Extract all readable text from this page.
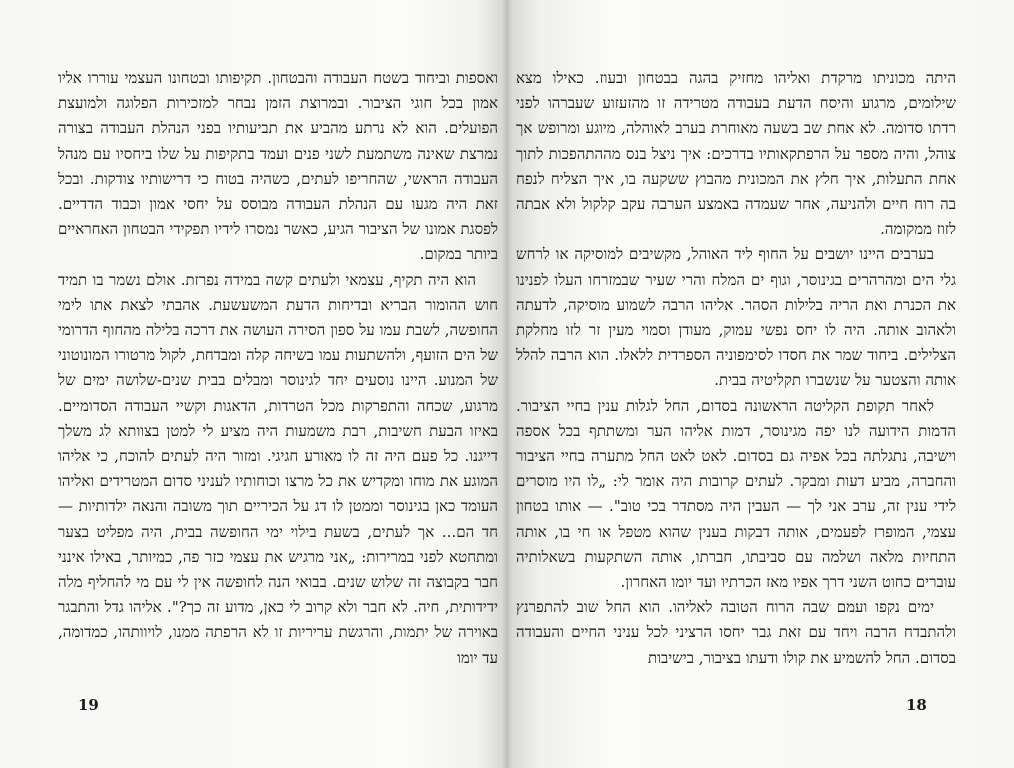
ואספות וביחוד בשטח העבודה והבטחון. תקיפותו ובטחונו העצמי עוררו אליו אמון בכל חוגי הציבור. ובמרוצת הזמן נבחר למזכירות הפלוגה ולמועצת הפועלים. הוא לא נרתע מהביע את תביעותיו בפני הנהלת העבודה בצורה נמרצת שאינה משתמעת לשני פנים ועמד בתקיפות על שלו ביחסיו עם מנהל העבודה הראשי, שהחריפו לעתים, כשהיה בטוח כי דרישותיו צודקות. ובכל זאת היה מגעו עם הנהלת העבודה מבוסס על יחסי אמון וכבוד הדדיים. לפסגת אמונו של הציבור הגיע, כאשר נמסרו לידיו תפקידי הבטחון האחראיים ביותר במקום.

הוא היה תקיף, עצמאי ולעתים קשה במידה נפרזת. אולם נשמר בו תמיד חוש ההומור הבריא ובדיחות הדעת המשעשעת. אהבתי לצאת אתו לימי החופשה, לשבת עמו על ספון הסירה העושה את דרכה בלילה מהחוף הדרומי של הים הזועף, ולהשתעות עמו בשיחה קלה ומבדחת, לקול מרטורו המונוטוני של המנוע. היינו נוסעים יחד לגינוסר ומבלים בבית שנים-שלושה ימים של מרגוע, שכחה והתפרקות מכל הטרדות, הדאגות וקשיי העבודה הסדומיים. באיזו הבעת חשיבות, רבת משמעות היה מציע לי למטן בצוותא לג משלך דייגנו. כל פעם היה זה לו מאורע חגיגי. ומזור היה לעתים להוכח, כי אליהו המוגע את מוחו ומקדיש את כל מרצו וכוחותיו לעניני סדום המטרידים ואליהו העומד כאן בגינוסר וממטן לו דג על הכיריים תוך משובה והנאה ילדותיות — חד הם... אך לעתים, בשעת בילוי ימי החופשה בבית, היה מפליט בצער ומתחטא לפני במרירות: „אני מרגיש את עצמי כזר פה, כמיותר, באילו אינני חבר בקבוצה זה שלוש שנים. בבואי הנה לחופשה אין לי עם מי להחליף מלה ידידותית, חיה. לא חבר ולא קרוב לי כאן, מדוע זה כך?". אליהו גדל והתבגר באוירה של יתמות, והרגשת עריריות זו לא הרפתה ממנו, לויוותהו, כמדומה, עד יומו

19

היתה מכוניתו מרקדת ואליהו מחזיק בהגה בבטחון ובעוז. כאילו מצא שילומים, מרגוע והיסח הדעת בעבודה מטרידה זו מהזעזוע שעברהו לפני רדתו סדומה. לא אחת שב בשעה מאוחרת בערב לאוהלה, מיוגע ומרופש אך צוהל, והיה מספר על הרפתקאותיו בדרכים: איך ניצל בנס מההתהפכות לתוך אחת התעלות, איך חלץ את המכונית מהבוץ ששקעה בו, איך הצליח לנפח בה רוח חיים ולהניעה, אחר שעמדה באמצע הערבה עקב קלקול ולא אבתה לזוז ממקומה.

בערבים היינו יושבים על החוף ליד האוהל, מקשיבים למוסיקה או לרחש גלי הים ומהרהרים בגינוסר, וגוף ים המלח והרי שעיר שבמזרחו העלו לפנינו את הכנרת ואת הריה בלילות הסהר. אליהו הרבה לשמוע מוסיקה, לדעתה ולאהוב אותה. היה לו יחס נפשי עמוק, מעודן וסמוי מעין זר לזו מחלקת הצלילים. ביחוד שמר את חסדו לסימפוניה הספרדית ללאלו. הוא הרבה להלל אותה והצטער על שנשברו תקליטיה בבית.

לאחר תקופת הקליטה הראשונה בסדום, החל לגלות ענין בחיי הציבור. הדמות הידועה לנו יפה מגינוסר, דמות אליהו הער ומשתתף בכל אספה וישיבה, נתגלתה בכל אפיה גם בסדום. לאט לאט החל מתערה בחיי הציבור והחברה, מביע דעות ומבקר. לעתים קרובות היה אומר לי: „לו היו מוסרים לידי ענין זה, ערב אני לך — העבין היה מסתדר בכי טוב". — אותו בטחון עצמי, המופרז לפעמים, אותה דבקות בענין שהוא מטפל או חי בו, אותה התחיות מלאה ושלמה עם סביבתו, חברתו, אותה השתקעות בשאלותיה עוברים כחוט השני דרך אפיו מאז הכרתיו ועד יומו האחרון.

ימים נקפו ועמם שבה הרוח הטובה לאליהו. הוא החל שוב להתפרנץ ולהתבדח הרבה ויחד עם זאת גבר יחסו הרציני לכל עניני החיים והעבודה בסדום. החל להשמיע את קולו ודעתו בציבור, בישיבות

18
